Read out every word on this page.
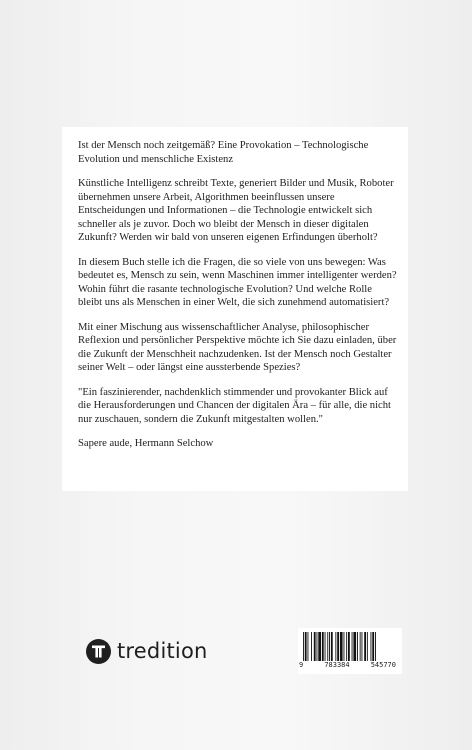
Ist der Mensch noch zeitgemäß? Eine Provokation – Technologische Evolution und menschliche Existenz

Künstliche Intelligenz schreibt Texte, generiert Bilder und Musik, Roboter übernehmen unsere Arbeit, Algorithmen beeinflussen unsere Entscheidungen und Informationen – die Technologie entwickelt sich schneller als je zuvor. Doch wo bleibt der Mensch in dieser digitalen Zukunft? Werden wir bald von unseren eigenen Erfindungen überholt?

In diesem Buch stelle ich die Fragen, die so viele von uns bewegen: Was bedeutet es, Mensch zu sein, wenn Maschinen immer intelligenter werden? Wohin führt die rasante technologische Evolution? Und welche Rolle bleibt uns als Menschen in einer Welt, die sich zunehmend automatisiert?

Mit einer Mischung aus wissenschaftlicher Analyse, philosophischer Reflexion und persönlicher Perspektive möchte ich Sie dazu einladen, über die Zukunft der Menschheit nachzudenken. Ist der Mensch noch Gestalter seiner Welt – oder längst eine aussterbende Spezies?

"Ein faszinierender, nachdenklich stimmender und provokanter Blick auf die Herausforderungen und Chancen der digitalen Ära – für alle, die nicht nur zuschauen, sondern die Zukunft mitgestalten wollen."

Sapere aude, Hermann Selchow

tredition
9	783384	545770
